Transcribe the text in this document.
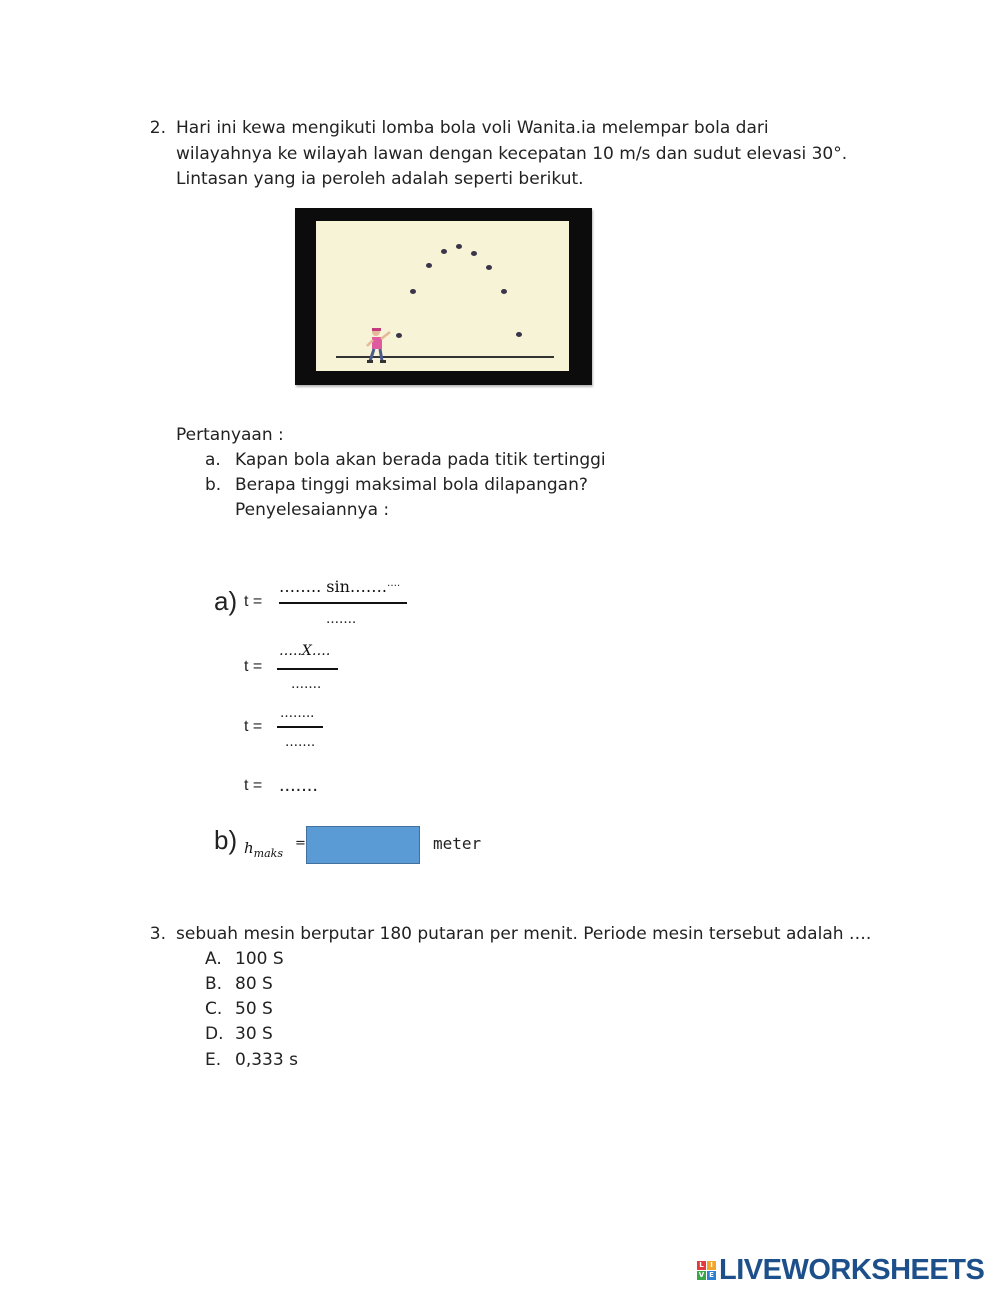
2. Hari ini kewa mengikuti lomba bola voli Wanita.ia melempar bola dari
wilayahnya ke wilayah lawan dengan kecepatan 10 m/s dan sudut elevasi 30°.
Lintasan yang ia peroleh adalah seperti berikut.
Pertanyaan :
a. Kapan bola akan berada pada titik tertinggi
b. Berapa tinggi maksimal bola dilapangan?
Penyelesaiannya :
a) t =
…….. sin…….….
…….
t =
…..X….
…….
t =
……..
…….
t = .......
b) $h_{maks}$
=	meter
3. sebuah mesin berputar 180 putaran per menit. Periode mesin tersebut adalah ….
A. 100 S
B. 80 S
C. 50 S
D. 30 S
E. 0,333 s
L I
V E LIVEWORKSHEETS
